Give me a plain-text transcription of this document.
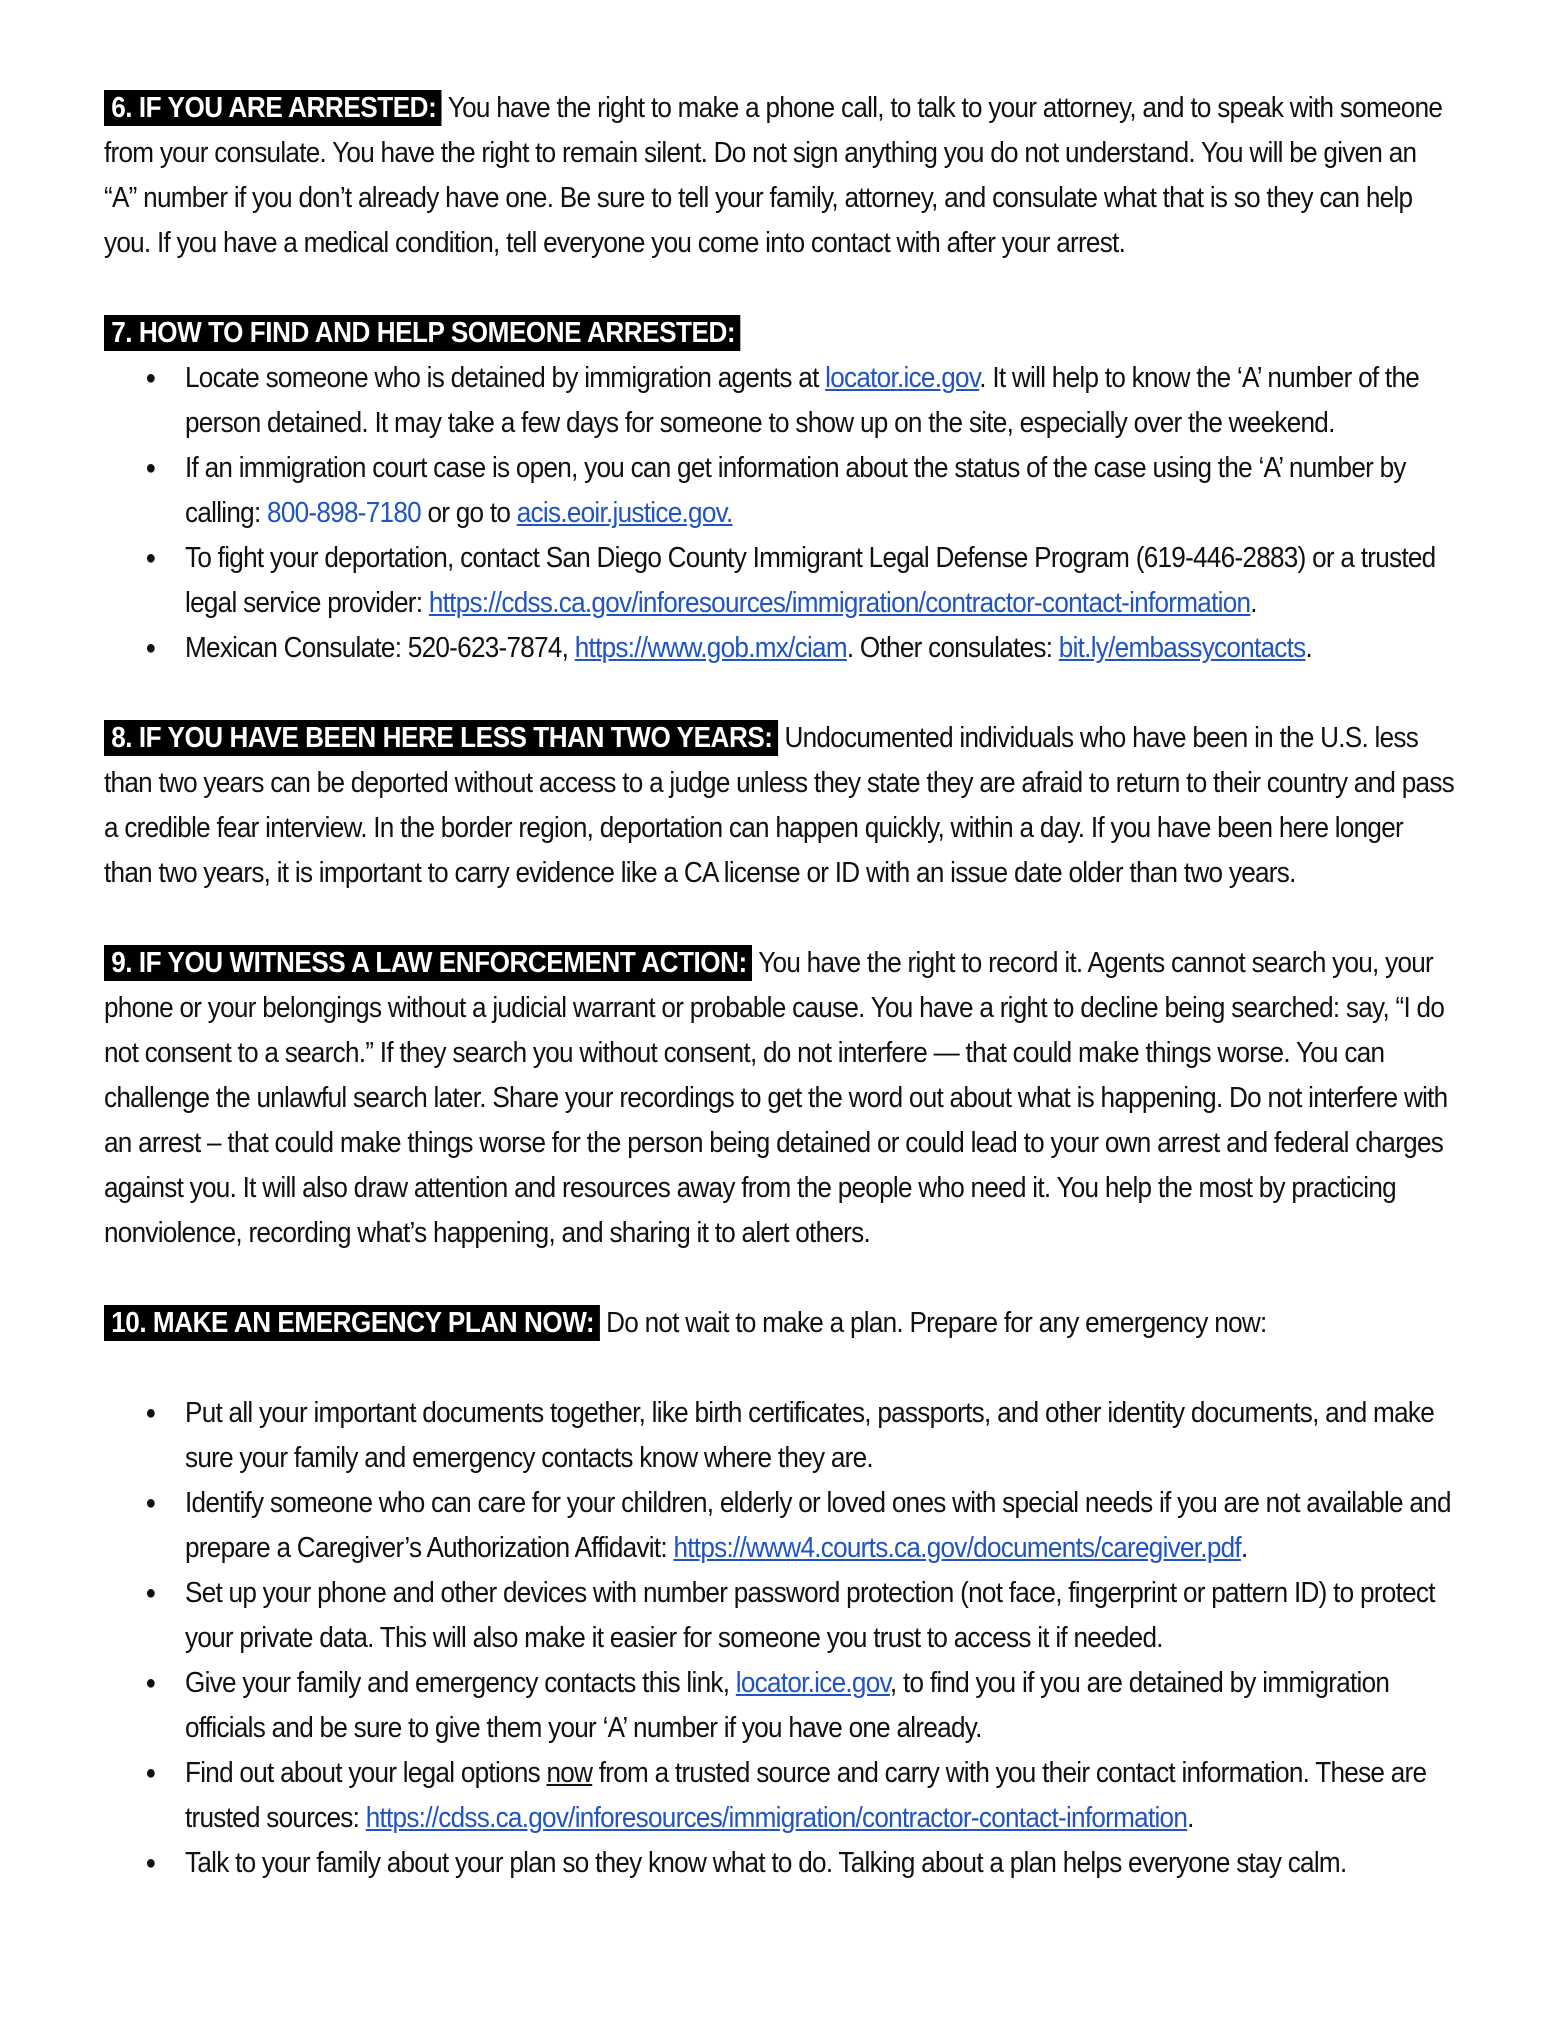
6. IF YOU ARE ARRESTED: You have the right to make a phone call, to talk to your attorney, and to speak with someone from your consulate. You have the right to remain silent. Do not sign anything you do not understand. You will be given an “A” number if you don’t already have one. Be sure to tell your family, attorney, and consulate what that is so they can help you. If you have a medical condition, tell everyone you come into contact with after your arrest.

7. HOW TO FIND AND HELP SOMEONE ARRESTED:
● Locate someone who is detained by immigration agents at locator.ice.gov. It will help to know the ‘A’ number of the person detained. It may take a few days for someone to show up on the site, especially over the weekend.
● If an immigration court case is open, you can get information about the status of the case using the ‘A’ number by calling: 800-898-7180 or go to acis.eoir.justice.gov.
● To fight your deportation, contact San Diego County Immigrant Legal Defense Program (619-446-2883) or a trusted legal service provider: https://cdss.ca.gov/inforesources/immigration/contractor-contact-information.
● Mexican Consulate: 520-623-7874, https://www.gob.mx/ciam. Other consulates: bit.ly/embassycontacts.

8. IF YOU HAVE BEEN HERE LESS THAN TWO YEARS: Undocumented individuals who have been in the U.S. less than two years can be deported without access to a judge unless they state they are afraid to return to their country and pass a credible fear interview. In the border region, deportation can happen quickly, within a day. If you have been here longer than two years, it is important to carry evidence like a CA license or ID with an issue date older than two years.

9. IF YOU WITNESS A LAW ENFORCEMENT ACTION: You have the right to record it. Agents cannot search you, your phone or your belongings without a judicial warrant or probable cause. You have a right to decline being searched: say, “I do not consent to a search.” If they search you without consent, do not interfere — that could make things worse. You can challenge the unlawful search later. Share your recordings to get the word out about what is happening. Do not interfere with an arrest – that could make things worse for the person being detained or could lead to your own arrest and federal charges against you. It will also draw attention and resources away from the people who need it. You help the most by practicing nonviolence, recording what’s happening, and sharing it to alert others.

10. MAKE AN EMERGENCY PLAN NOW: Do not wait to make a plan. Prepare for any emergency now:
● Put all your important documents together, like birth certificates, passports, and other identity documents, and make sure your family and emergency contacts know where they are.
● Identify someone who can care for your children, elderly or loved ones with special needs if you are not available and prepare a Caregiver’s Authorization Affidavit: https://www4.courts.ca.gov/documents/caregiver.pdf.
● Set up your phone and other devices with number password protection (not face, fingerprint or pattern ID) to protect your private data. This will also make it easier for someone you trust to access it if needed.
● Give your family and emergency contacts this link, locator.ice.gov, to find you if you are detained by immigration officials and be sure to give them your ‘A’ number if you have one already.
● Find out about your legal options now from a trusted source and carry with you their contact information. These are trusted sources: https://cdss.ca.gov/inforesources/immigration/contractor-contact-information.
● Talk to your family about your plan so they know what to do. Talking about a plan helps everyone stay calm.
